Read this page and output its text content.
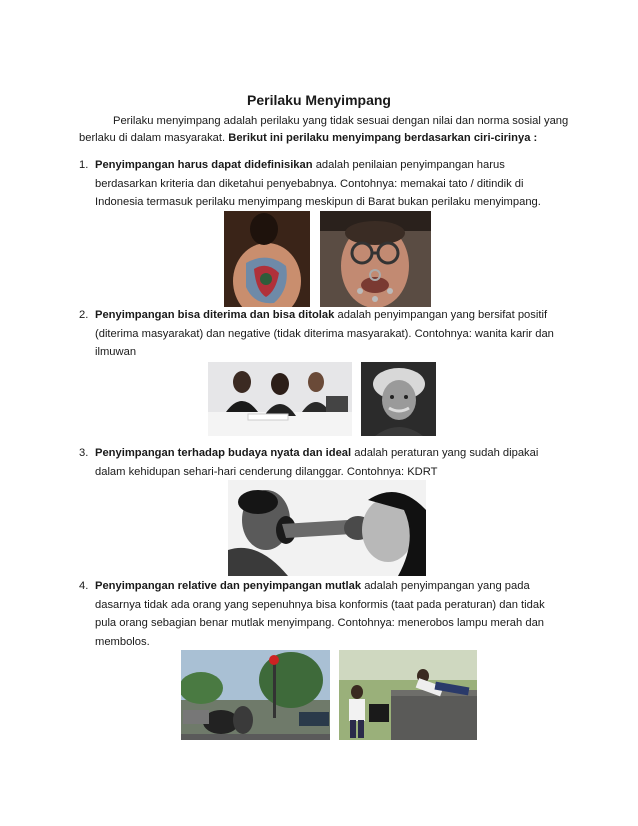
Perilaku Menyimpang
Perilaku menyimpang adalah perilaku yang tidak sesuai dengan nilai dan norma sosial yang berlaku di dalam masyarakat. Berikut ini perilaku menyimpang berdasarkan ciri-cirinya :
1. Penyimpangan harus dapat didefinisikan adalah penilaian penyimpangan harus berdasarkan kriteria dan diketahui penyebabnya. Contohnya: memakai tato / ditindik di Indonesia termasuk perilaku menyimpang meskipun di Barat bukan perilaku menyimpang.
2. Penyimpangan bisa diterima dan bisa ditolak adalah penyimpangan yang bersifat positif (diterima masyarakat) dan negative (tidak diterima masyarakat). Contohnya: wanita karir dan ilmuwan
3. Penyimpangan terhadap budaya nyata dan ideal adalah peraturan yang sudah dipakai dalam kehidupan sehari-hari cenderung dilanggar. Contohnya: KDRT
4. Penyimpangan relative dan penyimpangan mutlak adalah penyimpangan yang pada dasarnya tidak ada orang yang sepenuhnya bisa konformis (taat pada peraturan) dan tidak pula orang sebagian benar mutlak menyimpang. Contohnya: menerobos lampu merah dan membolos.
